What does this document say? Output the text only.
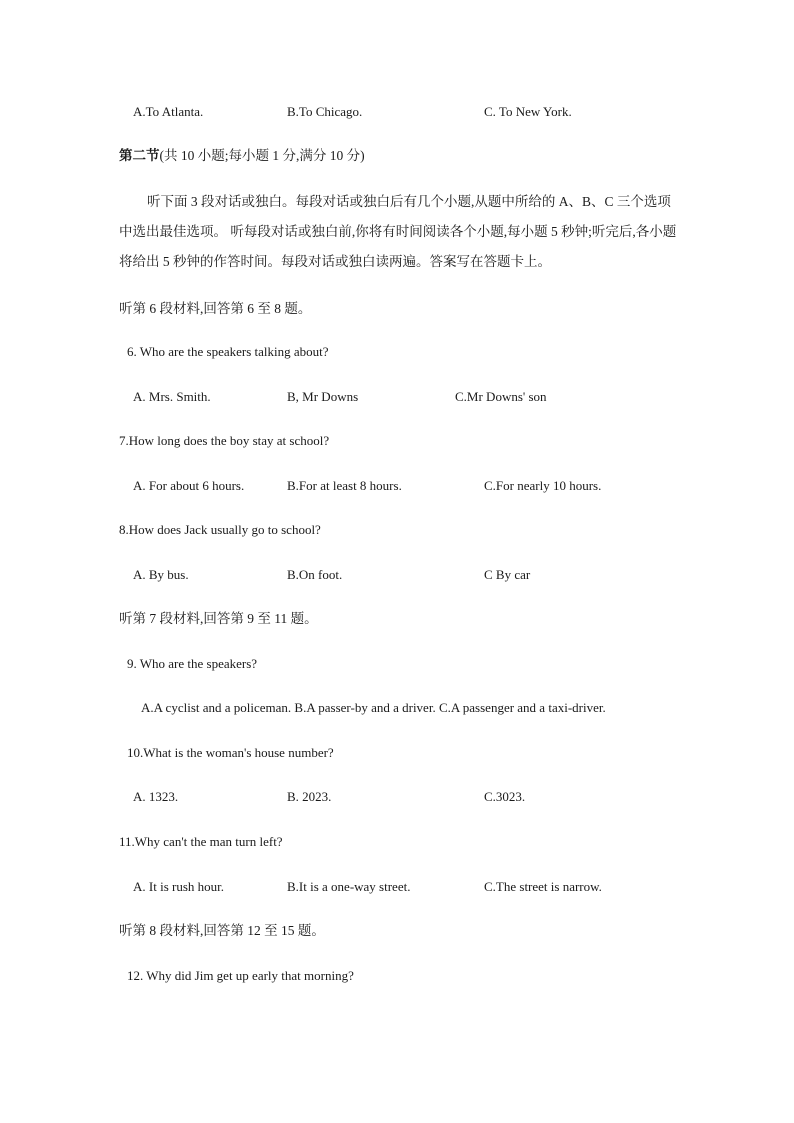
A.To Atlanta.	B.To Chicago.	C. To New York.
第二节(共 10 小题;每小题 1 分,满分 10 分)
听下面 3 段对话或独白。每段对话或独白后有几个小题,从题中所给的 A、B、C 三个选项中选出最佳选项。 听每段对话或独白前,你将有时间阅读各个小题,每小题 5 秒钟;听完后,各小题将给出 5 秒钟的作答时间。每段对话或独白读两遍。答案写在答题卡上。
听第 6 段材料,回答第 6 至 8 题。
6. Who are the speakers talking about?
A. Mrs. Smith.	B, Mr Downs	C.Mr Downs' son
7.How long does the boy stay at school?
A. For about 6 hours.	B.For at least 8 hours.	C.For nearly 10 hours.
8.How does Jack usually go to school?
A. By bus.	B.On foot.	C By car
听第 7 段材料,回答第 9 至 11 题。
9. Who are the speakers?
A.A cyclist and a policeman. B.A passer-by and a driver. C.A passenger and a taxi-driver.
10.What is the woman's house number?
A. 1323.	B. 2023.	C.3023.
11.Why can't the man turn left?
A. It is rush hour.	B.It is a one-way street.	C.The street is narrow.
听第 8 段材料,回答第 12 至 15 题。
12. Why did Jim get up early that morning?
